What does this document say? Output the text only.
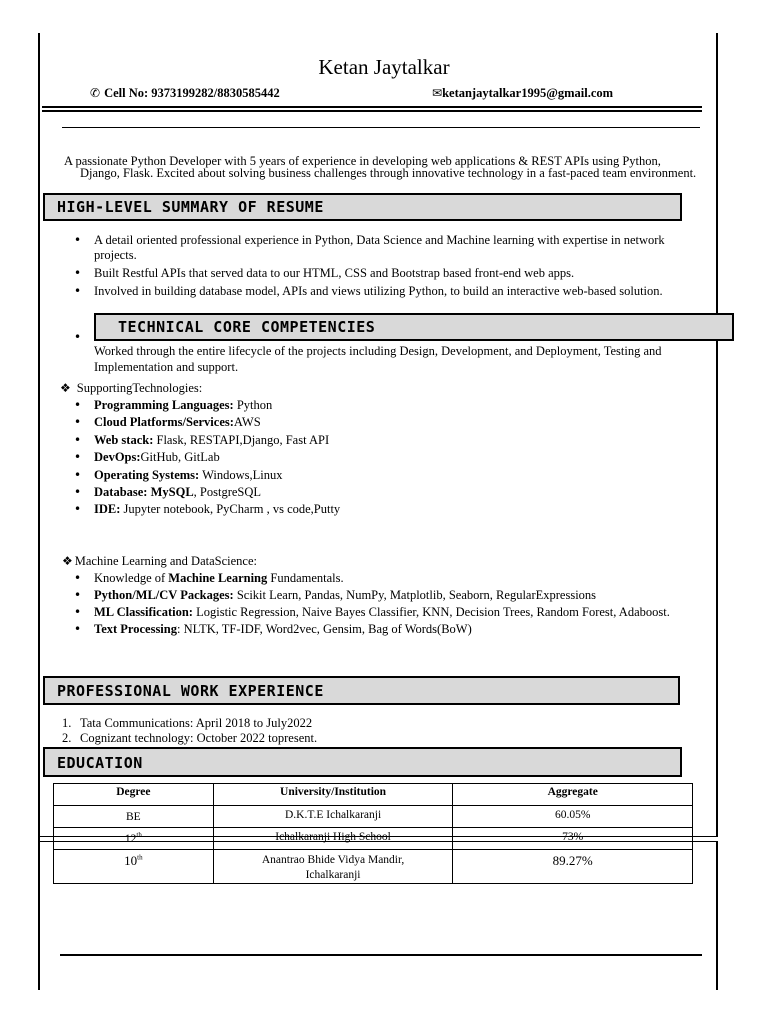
Ketan Jaytalkar
✆ Cell No: 9373199282/8830585442	✉ketanjaytalkar1995@gmail.com
A passionate Python Developer with 5 years of experience in developing web applications & REST APIs using Python,
Django, Flask. Excited about solving business challenges through innovative technology in a fast-paced team environment.
HIGH-LEVEL SUMMARY OF RESUME
• A detail oriented professional experience in Python, Data Science and Machine learning with expertise in network projects.
• Built Restful APIs that served data to our HTML, CSS and Bootstrap based front-end web apps.
• Involved in building database model, APIs and views utilizing Python, to build an interactive web-based solution.
TECHNICAL CORE COMPETENCIES
Worked through the entire lifecycle of the projects including Design, Development, and Deployment, Testing and Implementation and support.
❖ SupportingTechnologies:
• Programming Languages: Python
• Cloud Platforms/Services:AWS
• Web stack: Flask, RESTAPI,Django, Fast API
• DevOps:GitHub, GitLab
• Operating Systems: Windows,Linux
• Database: MySQL, PostgreSQL
• IDE: Jupyter notebook, PyCharm , vs code,Putty
❖ Machine Learning and DataScience:
• Knowledge of Machine Learning Fundamentals.
• Python/ML/CV Packages: Scikit Learn, Pandas, NumPy, Matplotlib, Seaborn, RegularExpressions
• ML Classification: Logistic Regression, Naive Bayes Classifier, KNN, Decision Trees, Random Forest, Adaboost.
• Text Processing: NLTK, TF-IDF, Word2vec, Gensim, Bag of Words(BoW)
PROFESSIONAL WORK EXPERIENCE
1. Tata Communications: April 2018 to July2022
2. Cognizant technology: October 2022 topresent.
EDUCATION
Degree	University/Institution	Aggregate
BE	D.K.T.E Ichalkaranji	60.05%
12th	Ichalkaranji High School	73%
10th	Anantrao Bhide Vidya Mandir,
Ichalkaranji	89.27%
